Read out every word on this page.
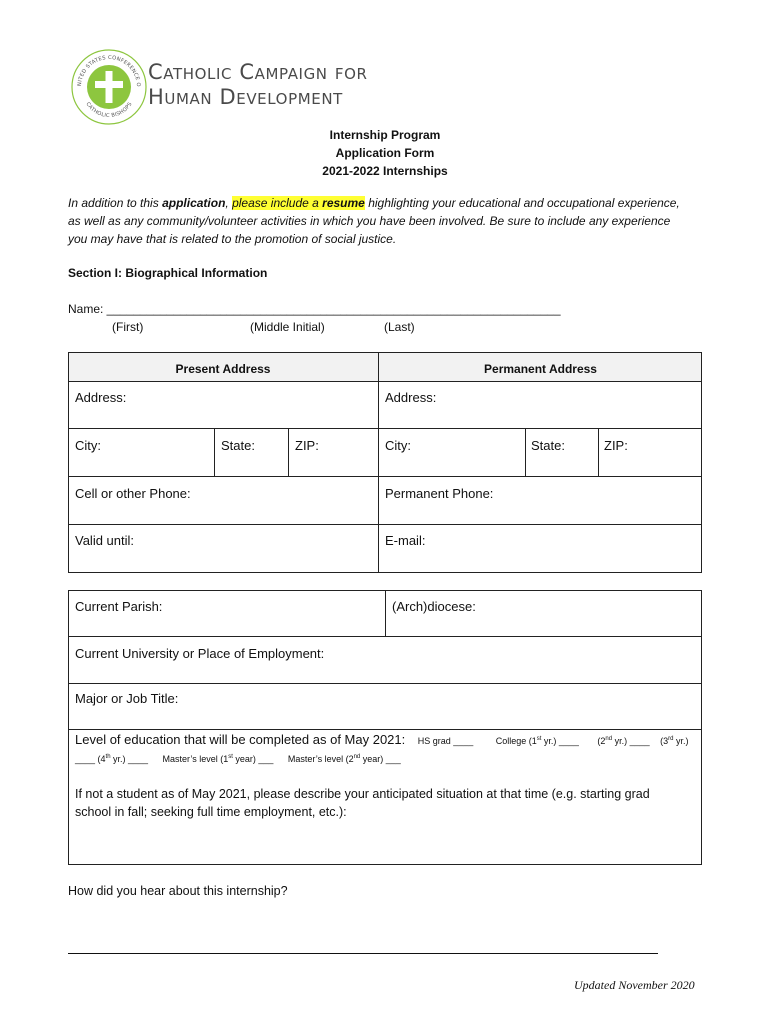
NITED STATES CONFERENCE O
CATHOLIC BISHOPS
Catholic Campaign for
Human Development
Internship Program
Application Form
2021-2022 Internships
In addition to this application, please include a resume highlighting your educational and occupational experience,
as well as any community/volunteer activities in which you have been involved. Be sure to include any experience
you may have that is related to the promotion of social justice.
Section I: Biographical Information
Name: ____________________________________________________________________
(First)	(Middle Initial)	(Last)
Present Address	Permanent Address
Address:	Address:
City:	State:	ZIP:	City:	State:	ZIP:
Cell or other Phone:	Permanent Phone:
Valid until:	E-mail:
Current Parish:	(Arch)diocese:
Current University or Place of Employment:
Major or Job Title:
Level of education that will be completed as of May 2021: HS grad ____ College (1st yr.) ____ (2nd yr.) ____ (3rd yr.)
____ (4th yr.) ____ Master’s level (1st year) ___ Master’s level (2nd year) ___
If not a student as of May 2021, please describe your anticipated situation at that time (e.g. starting grad
school in fall; seeking full time employment, etc.):
How did you hear about this internship?
Updated November 2020
